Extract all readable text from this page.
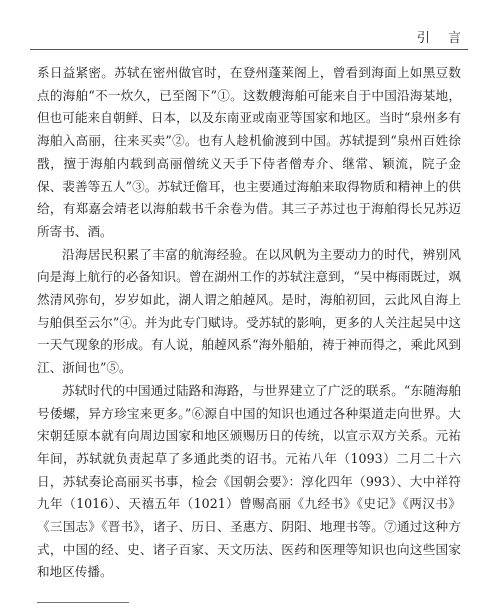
引 言

系日益紧密。苏轼在密州做官时，在登州蓬莱阁上，曾看到海面上如黑豆数点的海舶“不一炊久，已至阁下”①。这数艘海舶可能来自于中国沿海某地，但也可能来自朝鲜、日本，以及东南亚或南亚等国家和地区。当时“泉州多有海舶入高丽，往来买卖”②。也有人趁机偷渡到中国。苏轼提到“泉州百姓徐戬，擅于海舶内载到高丽僧统义天手下侍者僧寿介、继常、颖流，院子金保、裴善等五人”③。苏轼迁儋耳，也主要通过海舶来取得物质和精神上的供给，有郑嘉会靖老以海舶载书千余卷为借。其三子苏过也于海舶得长兄苏迈所寄书、酒。

沿海居民积累了丰富的航海经验。在以风帆为主要动力的时代，辨别风向是海上航行的必备知识。曾在湖州工作的苏轼注意到，“吴中梅雨既过，飒然清风弥旬，岁岁如此，湖人谓之舶趠风。是时，海舶初回，云此风自海上与舶俱至云尔”④。并为此专门赋诗。受苏轼的影响，更多的人关注起吴中这一天气现象的形成。有人说，舶趠风系“海外船舶，祷于神而得之，乘此风到江、浙间也”⑤。

苏轼时代的中国通过陆路和海路，与世界建立了广泛的联系。“东随海舶号倭螺，异方珍宝来更多。”⑥源自中国的知识也通过各种渠道走向世界。大宋朝廷原本就有向周边国家和地区颁赐历日的传统，以宣示双方关系。元祐年间，苏轼就负责起草了多通此类的诏书。元祐八年（1093）二月二十六日，苏轼奏论高丽买书事，检会《国朝会要》：淳化四年（993）、大中祥符九年（1016）、天禧五年（1021）曾赐高丽《九经书》《史记》《两汉书》《三国志》《晋书》，诸子、历日、圣惠方、阴阳、地理书等。⑦通过这种方式，中国的经、史、诸子百家、天文历法、医药和医理等知识也向这些国家和地区传播。
